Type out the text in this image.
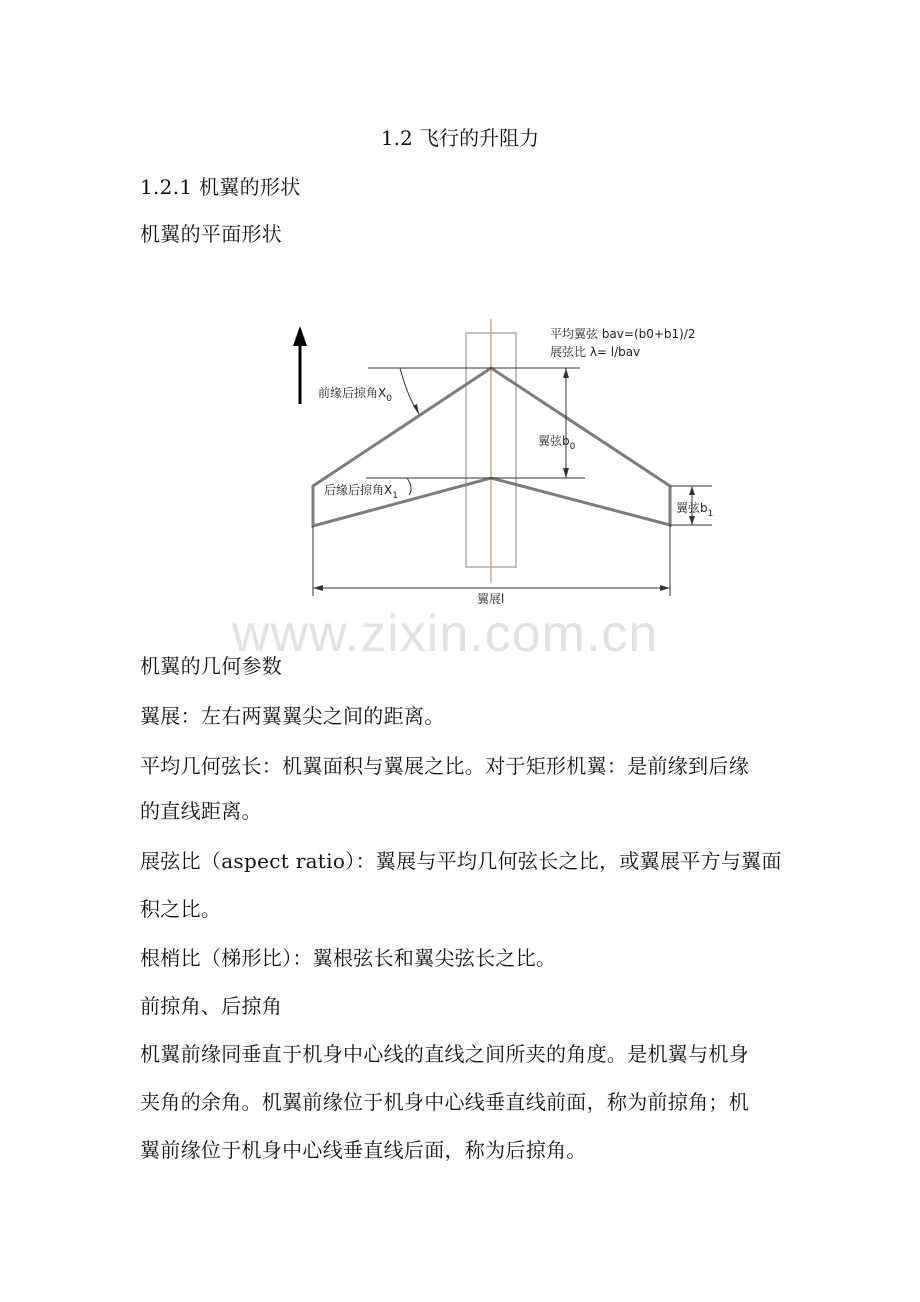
1.2 飞行的升阻力
1.2.1 机翼的形状
机翼的平面形状
平均翼弦 bav=(b0+b1)/2
展弦比 λ= l/bav
前缘后掠角$X_0$
后缘后掠角$X_1$
翼弦$b_0$
翼弦$b_1$
翼展l
www.zixin.com.cn
机翼的几何参数
翼展：左右两翼翼尖之间的距离。
平均几何弦长：机翼面积与翼展之比。对于矩形机翼：是前缘到后缘
的直线距离。
展弦比（aspect ratio）：翼展与平均几何弦长之比，或翼展平方与翼面
积之比。
根梢比（梯形比）：翼根弦长和翼尖弦长之比。
前掠角、后掠角
机翼前缘同垂直于机身中心线的直线之间所夹的角度。是机翼与机身
夹角的余角。机翼前缘位于机身中心线垂直线前面，称为前掠角；机
翼前缘位于机身中心线垂直线后面，称为后掠角。
